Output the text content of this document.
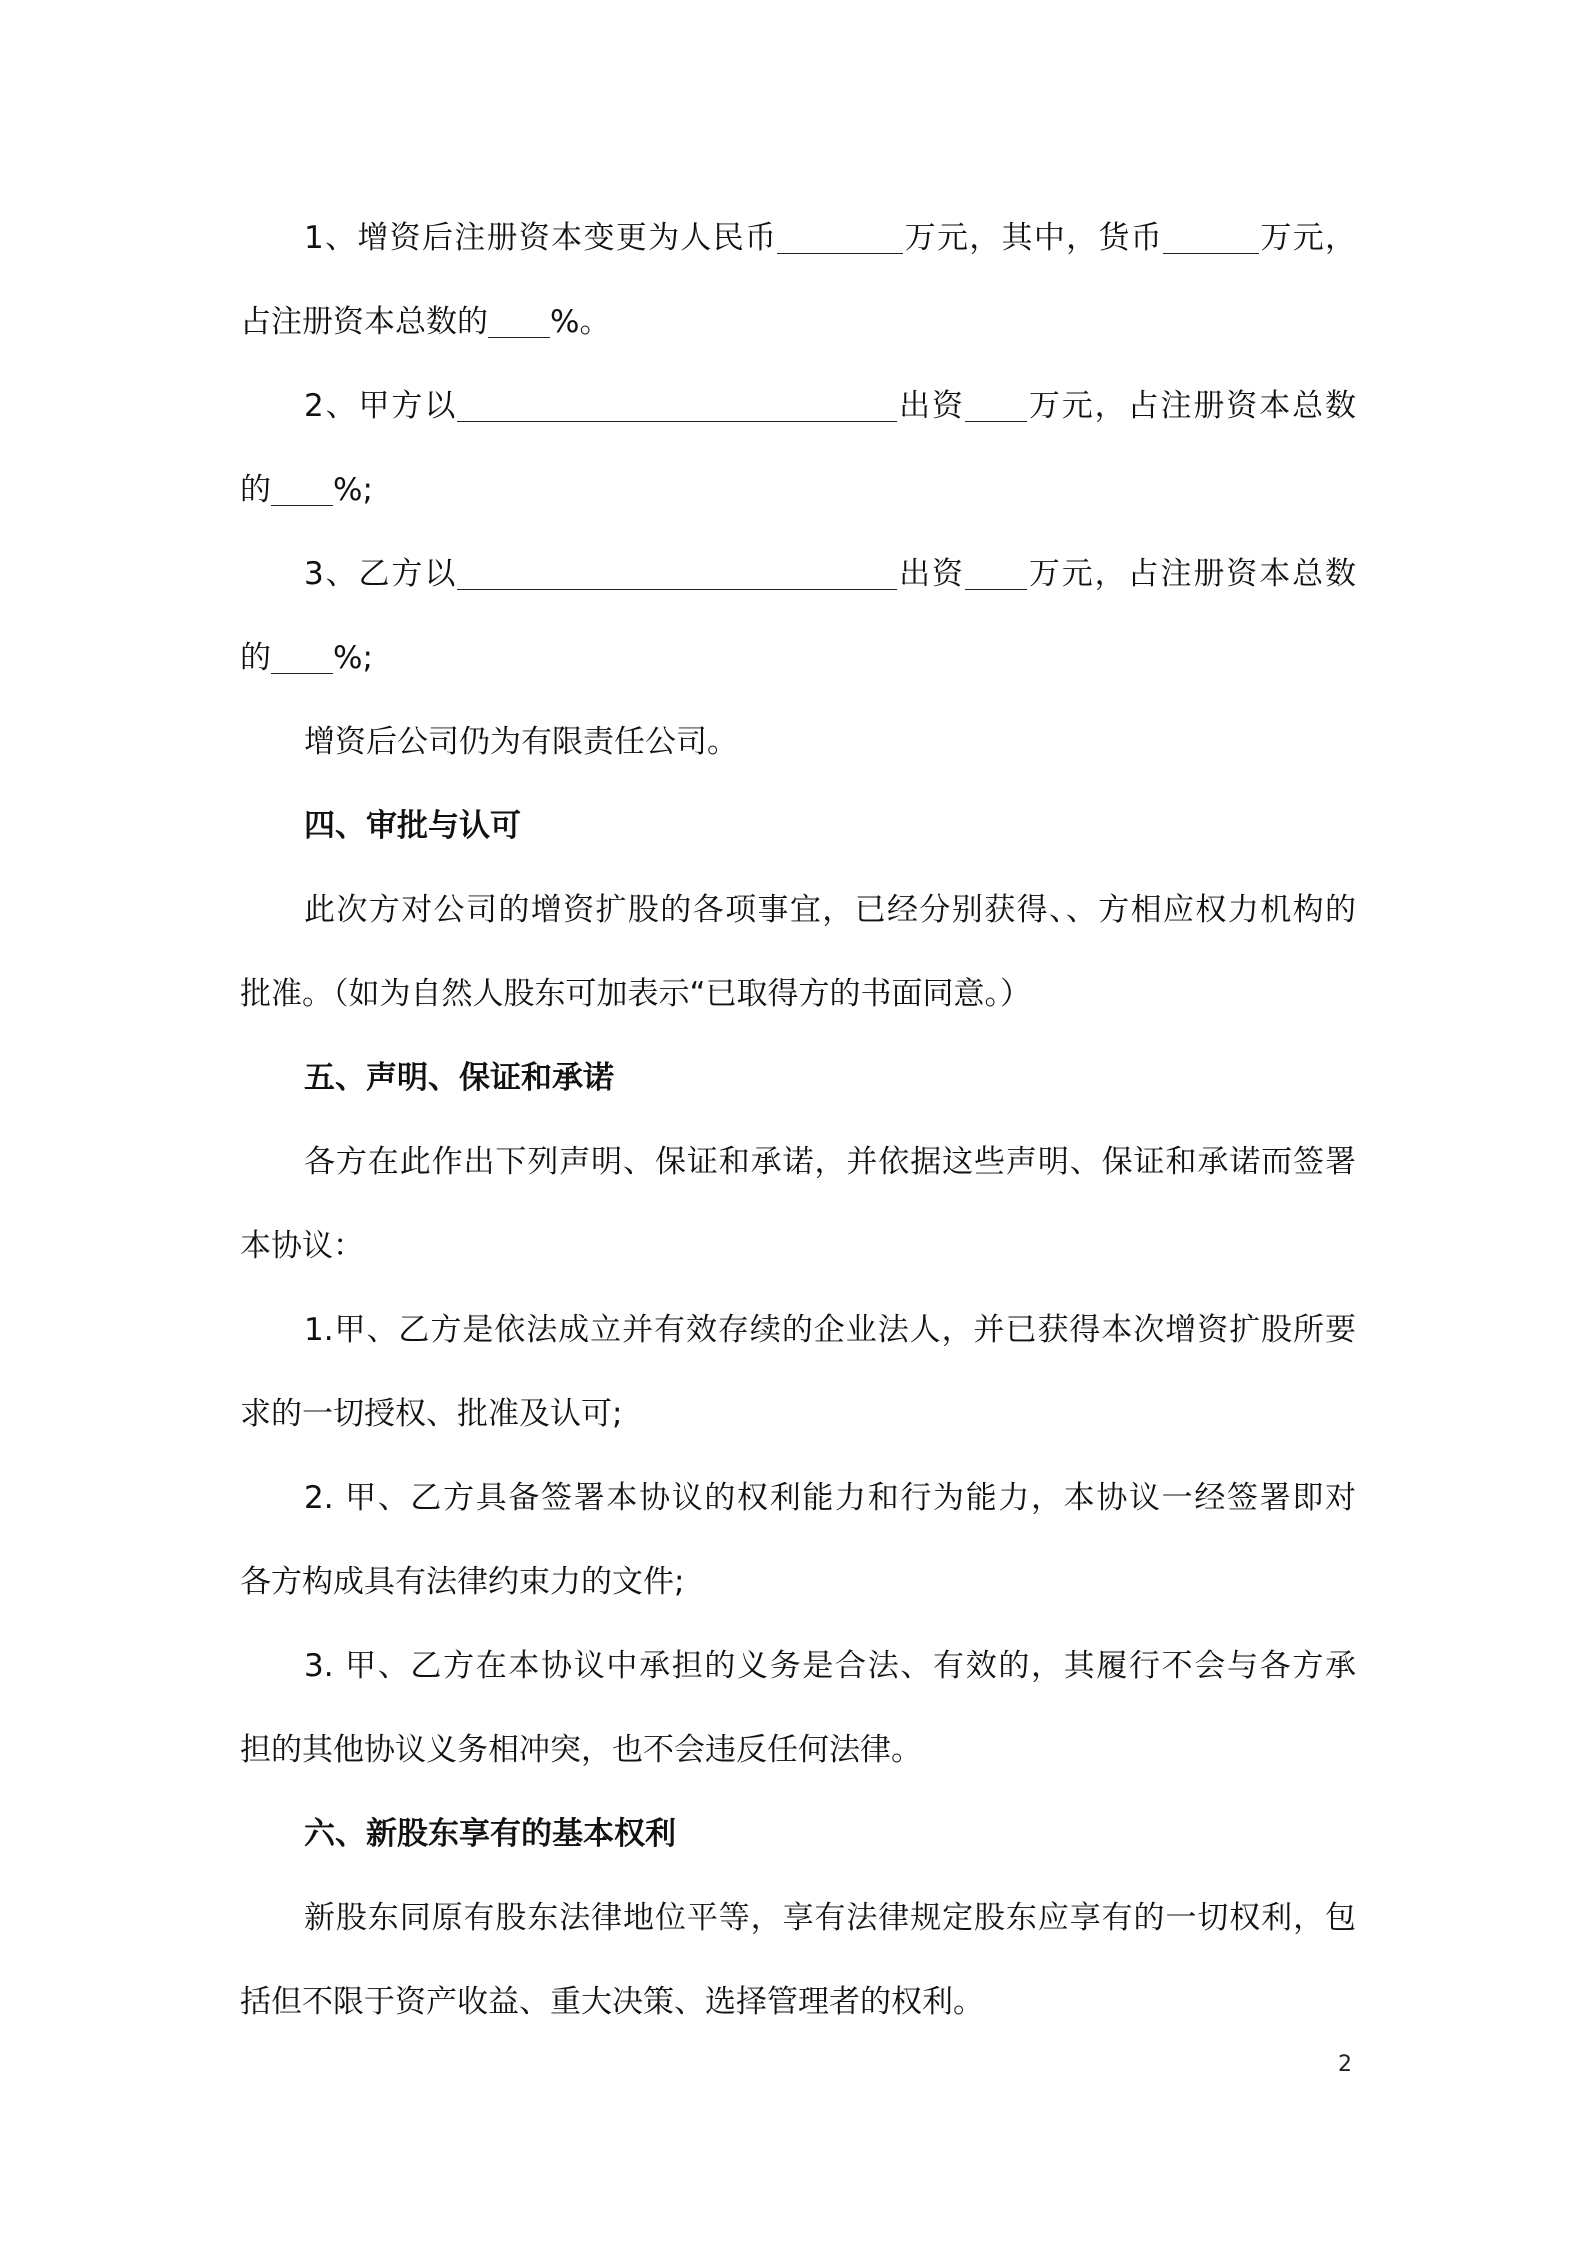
1、增资后注册资本变更为人民币	万元，其中，货币	万元，
占注册资本总数的 %。
2、甲方以	出资 万元，占注册资本总数
的 %;
3、乙方以	出资 万元，占注册资本总数
的 %;
增资后公司仍为有限责任公司。
四、审批与认可
此次方对公司的增资扩股的各项事宜，已经分别获得、、方相应权力机构的
批准。（如为自然人股东可加表示“已取得方的书面同意。）
五、声明、保证和承诺
各方在此作出下列声明、保证和承诺，并依据这些声明、保证和承诺而签署
本协议：
1.甲、乙方是依法成立并有效存续的企业法人，并已获得本次增资扩股所要
求的一切授权、批准及认可;
2. 甲、乙方具备签署本协议的权利能力和行为能力，本协议一经签署即对
各方构成具有法律约束力的文件;
3. 甲、乙方在本协议中承担的义务是合法、有效的，其履行不会与各方承
担的其他协议义务相冲突，也不会违反任何法律。
六、新股东享有的基本权利
新股东同原有股东法律地位平等，享有法律规定股东应享有的一切权利，包
括但不限于资产收益、重大决策、选择管理者的权利。
2
